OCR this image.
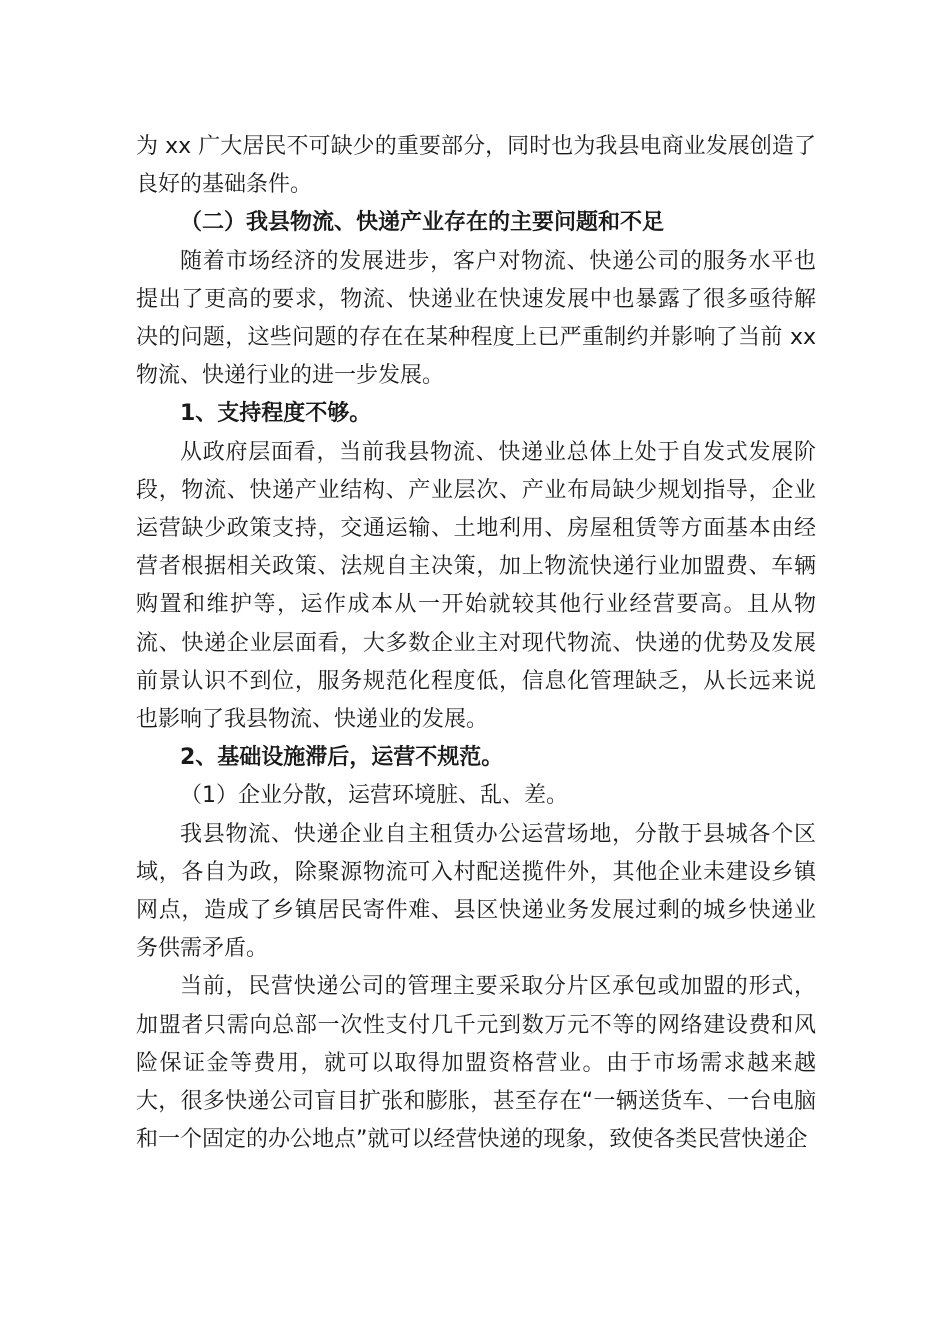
为 xx 广大居民不可缺少的重要部分，同时也为我县电商业发展创造了良好的基础条件。

（二）我县物流、快递产业存在的主要问题和不足

随着市场经济的发展进步，客户对物流、快递公司的服务水平也提出了更高的要求，物流、快递业在快速发展中也暴露了很多亟待解决的问题，这些问题的存在在某种程度上已严重制约并影响了当前 xx 物流、快递行业的进一步发展。

1、支持程度不够。

从政府层面看，当前我县物流、快递业总体上处于自发式发展阶段，物流、快递产业结构、产业层次、产业布局缺少规划指导，企业运营缺少政策支持，交通运输、土地利用、房屋租赁等方面基本由经营者根据相关政策、法规自主决策，加上物流快递行业加盟费、车辆购置和维护等，运作成本从一开始就较其他行业经营要高。且从物流、快递企业层面看，大多数企业主对现代物流、快递的优势及发展前景认识不到位，服务规范化程度低，信息化管理缺乏，从长远来说也影响了我县物流、快递业的发展。

2、基础设施滞后，运营不规范。

（1）企业分散，运营环境脏、乱、差。

我县物流、快递企业自主租赁办公运营场地，分散于县城各个区域，各自为政，除聚源物流可入村配送揽件外，其他企业未建设乡镇网点，造成了乡镇居民寄件难、县区快递业务发展过剩的城乡快递业务供需矛盾。

当前，民营快递公司的管理主要采取分片区承包或加盟的形式，加盟者只需向总部一次性支付几千元到数万元不等的网络建设费和风险保证金等费用，就可以取得加盟资格营业。由于市场需求越来越大，很多快递公司盲目扩张和膨胀，甚至存在“一辆送货车、一台电脑和一个固定的办公地点”就可以经营快递的现象，致使各类民营快递企
